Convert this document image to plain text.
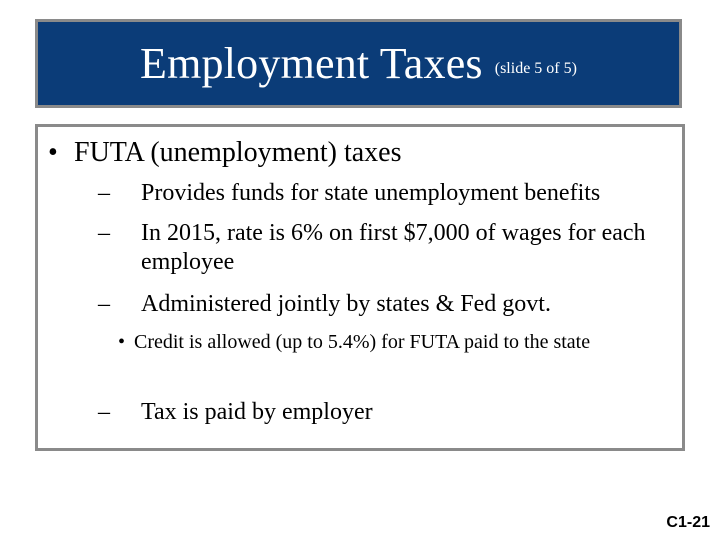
Employment Taxes (slide 5 of 5)
• FUTA (unemployment) taxes
–	Provides funds for state unemployment benefits
–	In 2015, rate is 6% on first $7,000 of wages for each employee
–	Administered jointly by states & Fed govt.
• Credit is allowed (up to 5.4%) for FUTA paid to the state
–	Tax is paid by employer
C1-21
